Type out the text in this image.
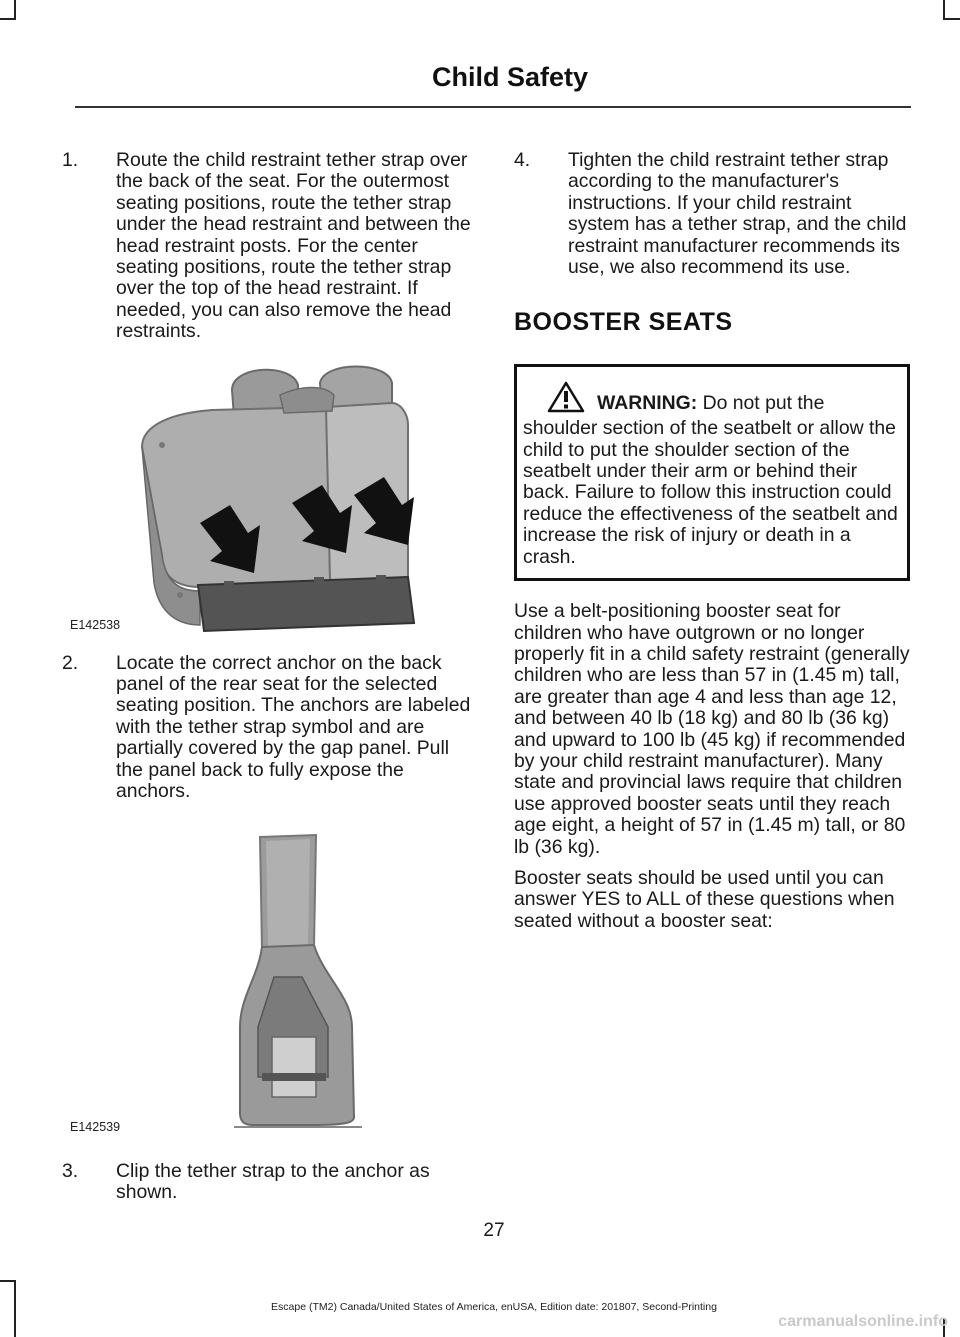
Child Safety
1. Route the child restraint tether strap over the back of the seat. For the outermost seating positions, route the tether strap under the head restraint and between the head restraint posts. For the center seating positions, route the tether strap over the top of the head restraint. If needed, you can also remove the head restraints.
E142538
2. Locate the correct anchor on the back panel of the rear seat for the selected seating position. The anchors are labeled with the tether strap symbol and are partially covered by the gap panel. Pull the panel back to fully expose the anchors.
E142539
3. Clip the tether strap to the anchor as shown.
4. Tighten the child restraint tether strap according to the manufacturer's instructions. If your child restraint system has a tether strap, and the child restraint manufacturer recommends its use, we also recommend its use.
BOOSTER SEATS

WARNING: Do not put the shoulder section of the seatbelt or allow the child to put the shoulder section of the seatbelt under their arm or behind their back. Failure to follow this instruction could reduce the effectiveness of the seatbelt and increase the risk of injury or death in a crash.

Use a belt-positioning booster seat for children who have outgrown or no longer properly fit in a child safety restraint (generally children who are less than 57 in (1.45 m) tall, are greater than age 4 and less than age 12, and between 40 lb (18 kg) and 80 lb (36 kg) and upward to 100 lb (45 kg) if recommended by your child restraint manufacturer). Many state and provincial laws require that children use approved booster seats until they reach age eight, a height of 57 in (1.45 m) tall, or 80 lb (36 kg).

Booster seats should be used until you can answer YES to ALL of these questions when seated without a booster seat:

27
Escape (TM2) Canada/United States of America, enUSA, Edition date: 201807, Second-Printing
carmanualsonline.info
